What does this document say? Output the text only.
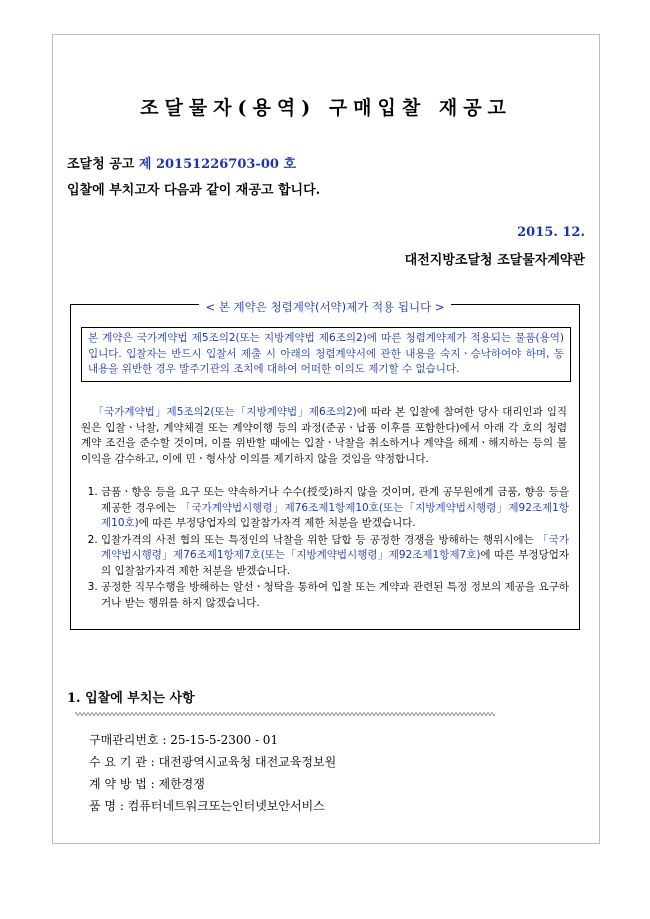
조달물자(용역) 구매입찰 재공고
조달청 공고 제 20151226703-00 호
입찰에 부치고자 다음과 같이 재공고 합니다.
2015. 12.
대전지방조달청 조달물자계약관
< 본 계약은 청렴계약(서약)제가 적용 됩니다 >
본 계약은 국가계약법 제5조의2(또는 지방계약법 제6조의2)에 따른 청렴계약제가 적용되는 물품(용역)입니다. 입찰자는 반드시 입찰서 제출 시 아래의 청렴계약서에 관한 내용을 숙지ㆍ승낙하여야 하며, 동 내용을 위반한 경우 발주기관의 조치에 대하여 어떠한 이의도 제기할 수 없습니다.
「국가계약법」제5조의2(또는「지방계약법」제6조의2)에 따라 본 입찰에 참여한 당사 대리인과 임직원은 입찰ㆍ낙찰, 계약체결 또는 계약이행 등의 과정(준공ㆍ납품 이후를 포함한다)에서 아래 각 호의 청렴계약 조건을 준수할 것이며, 이를 위반할 때에는 입찰ㆍ낙찰을 취소하거나 계약을 해제ㆍ해지하는 등의 불이익을 감수하고, 이에 민ㆍ형사상 이의를 제기하지 않을 것임을 약정합니다.
1. 금품ㆍ향응 등을 요구 또는 약속하거나 수수(授受)하지 않을 것이며, 관계 공무원에게 금품, 향응 등을 제공한 경우에는 「국가계약법시행령」제76조제1항제10호(또는「지방계약법시행령」제92조제1항제10호)에 따른 부정당업자의 입찰참가자격 제한 처분을 받겠습니다.
2. 입찰가격의 사전 협의 또는 특정인의 낙찰을 위한 담합 등 공정한 경쟁을 방해하는 행위시에는 「국가계약법시행령」제76조제1항제7호(또는「지방계약법시행령」제92조제1항제7호)에 따른 부정당업자의 입찰참가자격 제한 처분을 받겠습니다.
3. 공정한 직무수행을 방해하는 알선ㆍ청탁을 통하여 입찰 또는 계약과 관련된 특정 정보의 제공을 요구하거나 받는 행위를 하지 않겠습니다.
1. 입찰에 부치는 사항
구매관리번호 : 25-15-5-2300 - 01
수 요 기 관 : 대전광역시교육청 대전교육정보원
계 약 방 법 : 제한경쟁
품 명 : 컴퓨터네트워크또는인터넷보안서비스
